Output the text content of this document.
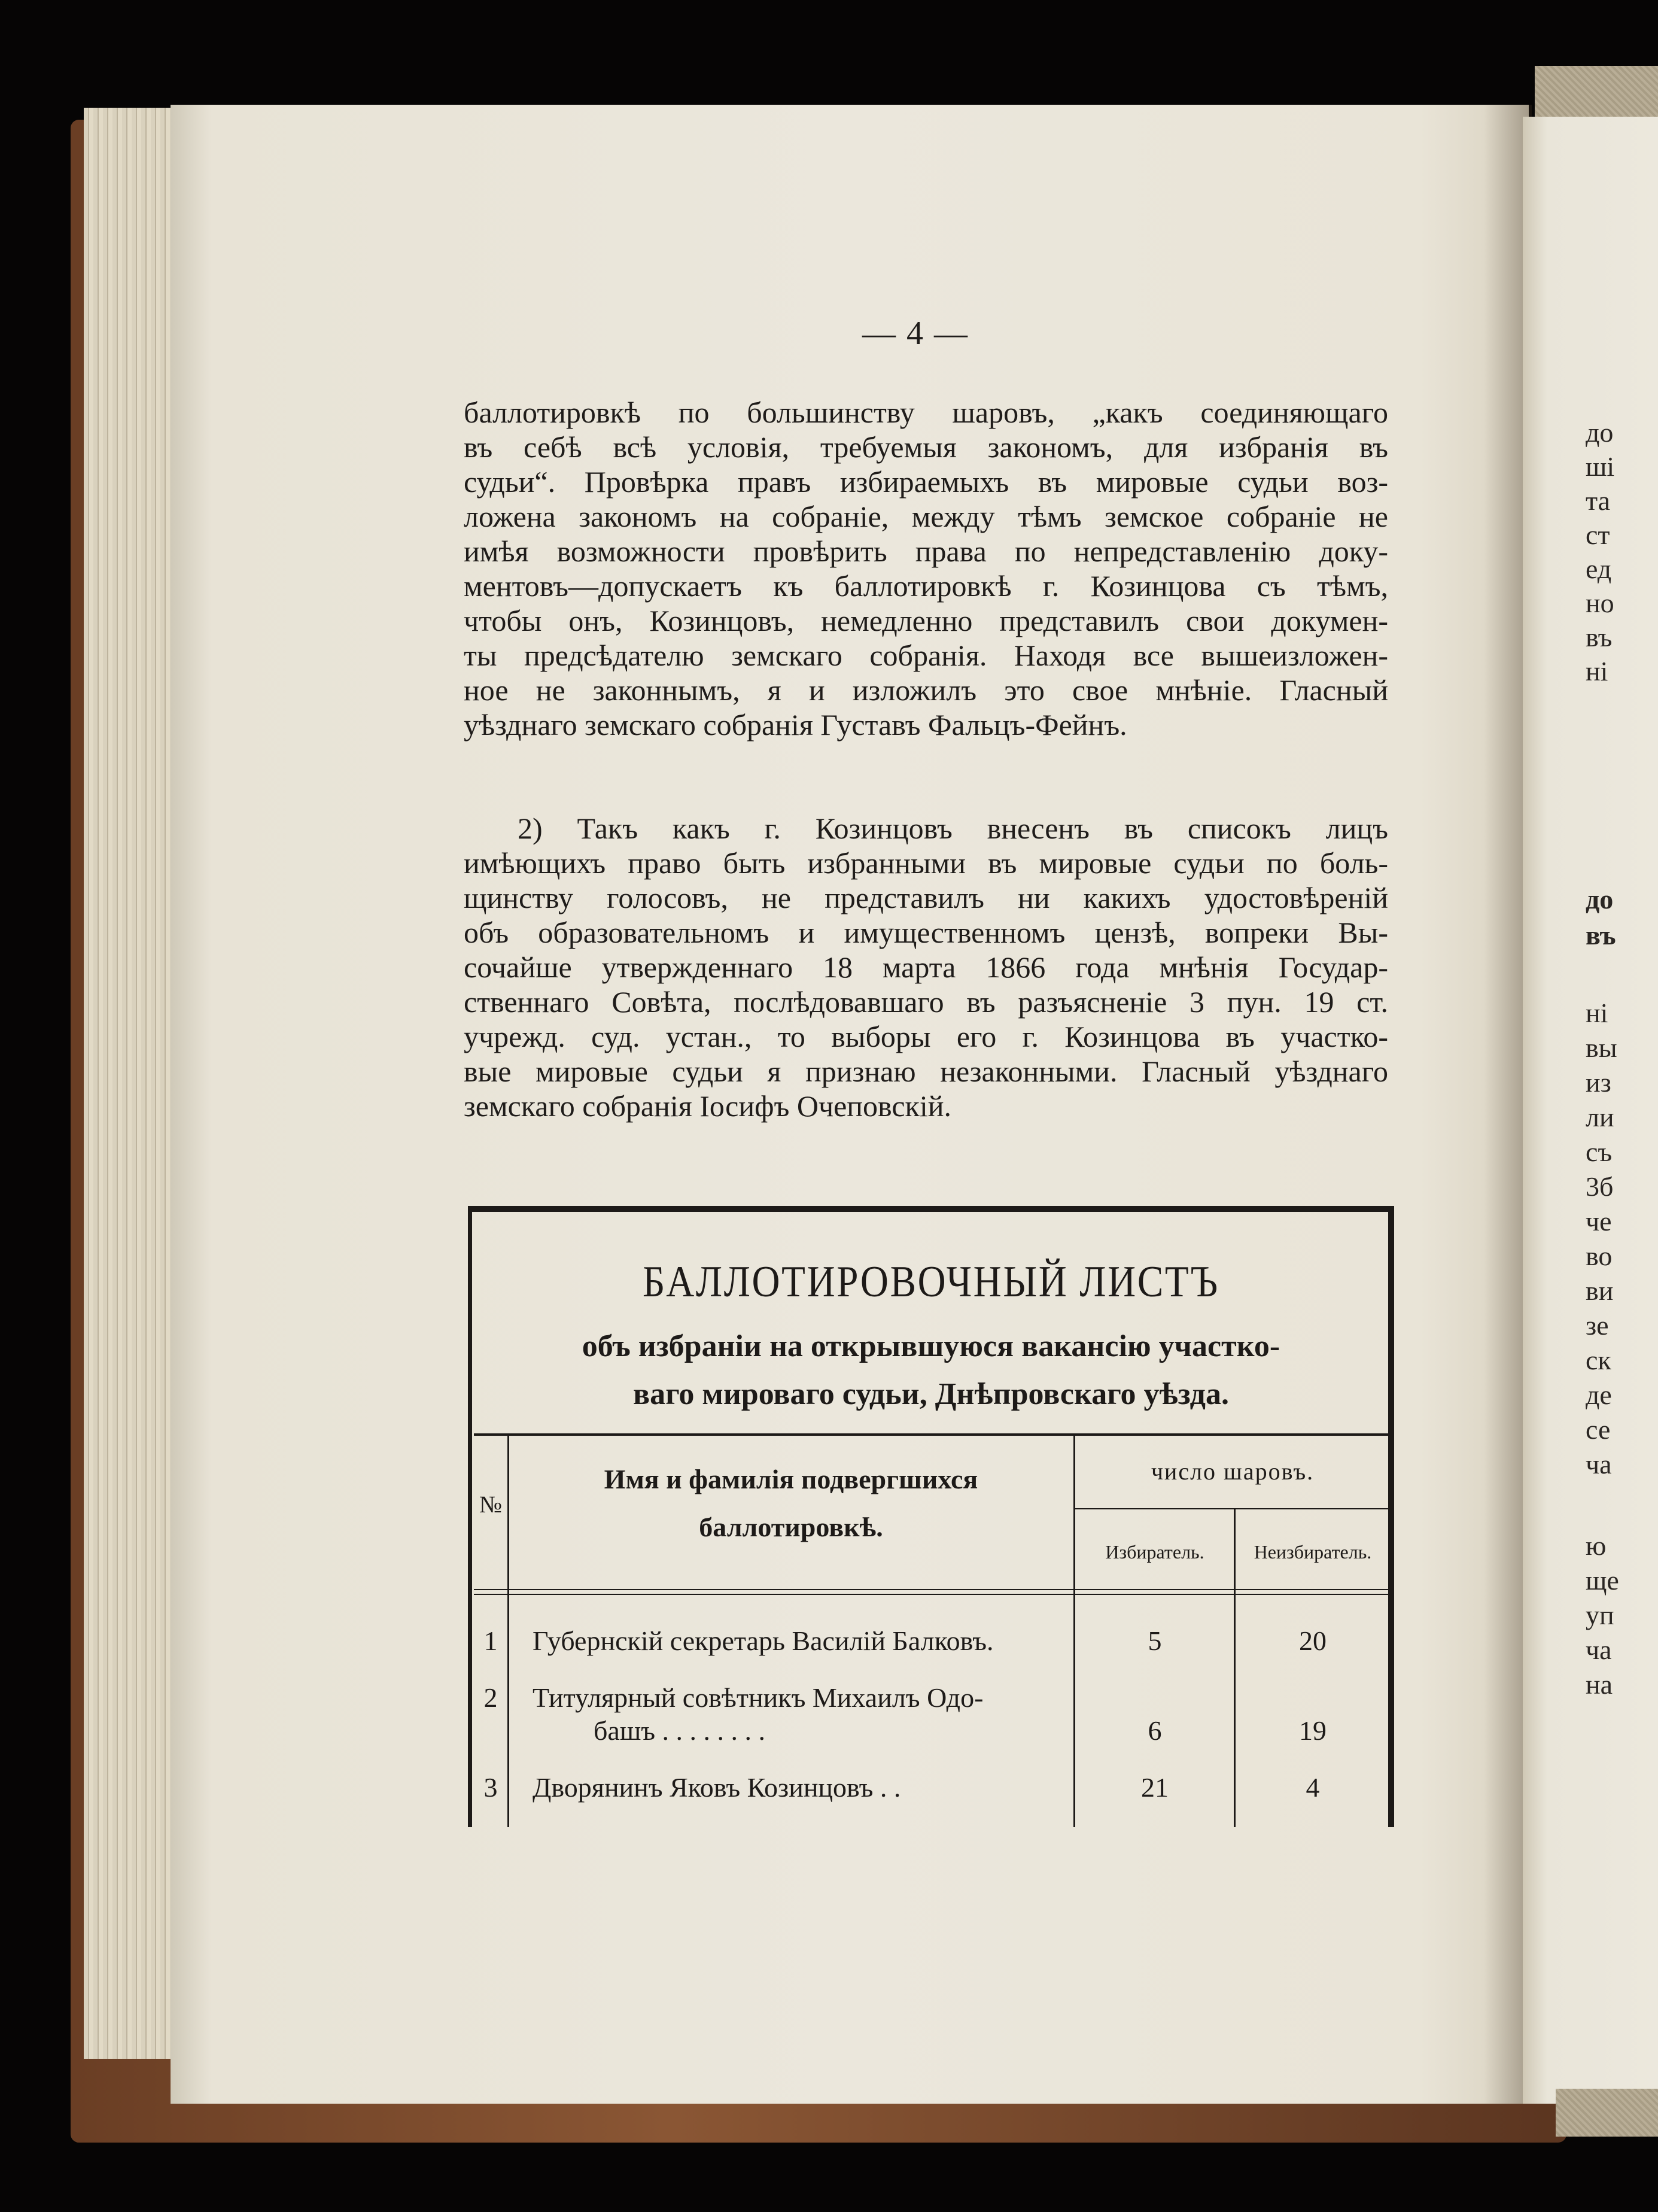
до
ші
та
ст
ед
но
въ
ні
до
въ
ні
вы
из
ли
съ
3б
че
во
ви
зе
ск
де
се
ча
ю
ще
уп
ча
на
— 4 —
баллотировкѣ по большинству шаровъ, „какъ соединяющаго
въ себѣ всѣ условія, требуемыя закономъ, для избранія въ
судьи“. Провѣрка правъ избираемыхъ въ мировые судьи воз-
ложена закономъ на собраніе, между тѣмъ земское собраніе не
имѣя возможности провѣрить права по непредставленію доку-
ментовъ—допускаетъ къ баллотировкѣ г. Козинцова съ тѣмъ,
чтобы онъ, Козинцовъ, немедленно представилъ свои докумен-
ты предсѣдателю земскаго собранія. Находя все вышеизложен-
ное не законнымъ, я и изложилъ это свое мнѣніе. Гласный
уѣзднаго земскаго собранія Густавъ Фальцъ-Фейнъ.
2) Такъ какъ г. Козинцовъ внесенъ въ списокъ лицъ
имѣющихъ право быть избранными въ мировые судьи по боль-
щинству голосовъ, не представилъ ни какихъ удостовѣреній
объ образовательномъ и имущественномъ цензѣ, вопреки Вы-
сочайше утвержденнаго 18 марта 1866 года мнѣнія Государ-
ственнаго Совѣта, послѣдовавшаго въ разъясненіе 3 пун. 19 ст.
учрежд. суд. устан., то выборы его г. Козинцова въ участко-
вые мировые судьи я признаю незаконными. Гласный уѣзднаго
земскаго собранія Іосифъ Очеповскій.
БАЛЛОТИРОВОЧНЫЙ ЛИСТЪ
объ избраніи на открывшуюся вакансію участко-
ваго мироваго судьи, Днѣпровскаго уѣзда.
№
Имя и фамилія подвергшихся
баллотировкѣ.
число шаровъ.
Избиратель.	Неизбиратель.
1	Губернскій секретарь Василій Балковъ.	5	20
2	Титулярный совѣтникъ Михаилъ Одо-
башъ . . . . . . . .	6	19
3	Дворянинъ Яковъ Козинцовъ . .	21	4
